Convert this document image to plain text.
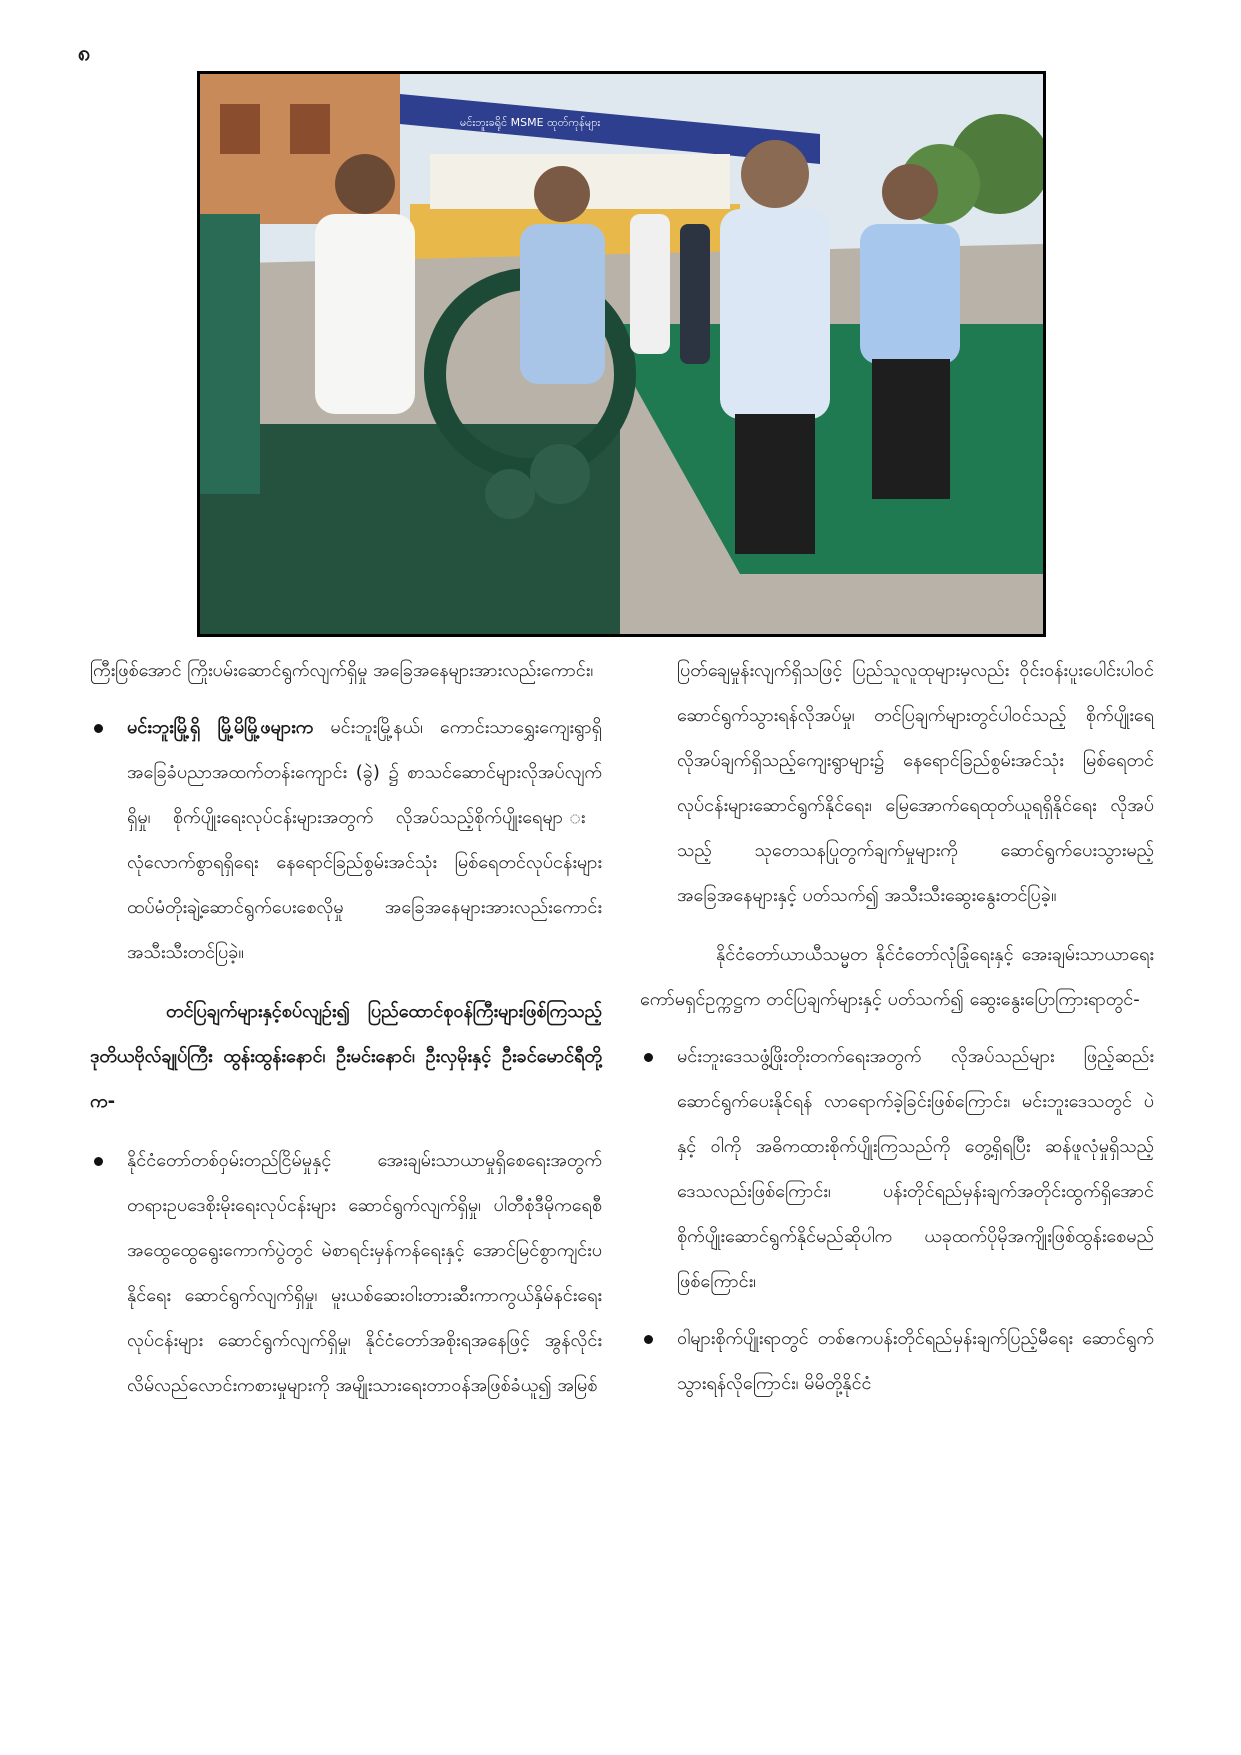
၈
မင်းဘူးခရိုင် MSME ထုတ်ကုန်များ

ကြီးဖြစ်အောင် ကြိုးပမ်းဆောင်ရွက်လျက်ရှိမှု အခြေအနေများအားလည်းကောင်း၊

မင်းဘူးမြို့ရှိ မြို့မိမြို့ဖများက မင်းဘူးမြို့နယ်၊ ကောင်းသာရွှေးကျေးရွာရှိ အခြေခံပညာအထက်တန်းကျောင်း (ခွဲ) ၌ စာသင်ဆောင်များလိုအပ်လျက်ရှိမှု၊ စိုက်ပျိုးရေးလုပ်ငန်းများအတွက် လိုအပ်သည့်စိုက်ပျိုးရေမျာ း လုံလောက်စွာရရှိရေး နေရောင်ခြည်စွမ်းအင်သုံး မြစ်ရေတင်လုပ်ငန်းများ ထပ်မံတိုးချဲ့ဆောင်ရွက်ပေးစေလိုမှု အခြေအနေများအားလည်းကောင်း အသီးသီးတင်ပြခဲ့။

တင်ပြချက်များနှင့်စပ်လျဉ်း၍ ပြည်ထောင်စုဝန်ကြီးများဖြစ်ကြသည့် ဒုတိယဗိုလ်ချုပ်ကြီး ထွန်းထွန်းနောင်၊ ဦးမင်းနောင်၊ ဦးလှမိုးနှင့် ဦးခင်မောင်ရီတို့က-

နိုင်ငံတော်တစ်ဝှမ်းတည်ငြိမ်မှုနှင့် အေးချမ်းသာယာမှုရှိစေရေးအတွက် တရားဥပဒေစိုးမိုးရေးလုပ်ငန်းများ ဆောင်ရွက်လျက်ရှိမှု၊ ပါတီစုံဒီမိုကရေစီအထွေထွေရွေးကောက်ပွဲတွင် မဲစာရင်းမှန်ကန်ရေးနှင့် အောင်မြင်စွာကျင်းပနိုင်ရေး ဆောင်ရွက်လျက်ရှိမှု၊ မူးယစ်ဆေးဝါးတားဆီးကာကွယ်နှိမ်နင်းရေးလုပ်ငန်းများ ဆောင်ရွက်လျက်ရှိမှု၊ နိုင်ငံတော်အစိုးရအနေဖြင့် အွန်လိုင်း လိမ်လည်လောင်းကစားမှုများကို အမျိုးသားရေးတာဝန်အဖြစ်ခံယူ၍ အမြစ်

ပြတ်ချေမှုန်းလျက်ရှိသဖြင့် ပြည်သူလူထုများမှလည်း ဝိုင်းဝန်းပူးပေါင်းပါဝင် ဆောင်ရွက်သွားရန်လိုအပ်မှု၊ တင်ပြချက်များတွင်ပါဝင်သည့် စိုက်ပျိုးရေလိုအပ်ချက်ရှိသည့်ကျေးရွာများ၌ နေရောင်ခြည်စွမ်းအင်သုံး မြစ်ရေတင်လုပ်ငန်းများဆောင်ရွက်နိုင်ရေး၊ မြေအောက်ရေထုတ်ယူရရှိနိုင်ရေး လိုအပ်သည့် သုတေသနပြုတွက်ချက်မှုများကို ဆောင်ရွက်ပေးသွားမည့် အခြေအနေများနှင့် ပတ်သက်၍ အသီးသီးဆွေးနွေးတင်ပြခဲ့။

နိုင်ငံတော်ယာယီသမ္မတ နိုင်ငံတော်လုံခြုံရေးနှင့် အေးချမ်းသာယာရေးကော်မရှင်ဥက္ကဋ္ဌက တင်ပြချက်များနှင့် ပတ်သက်၍ ဆွေးနွေးပြောကြားရာတွင်-

မင်းဘူးဒေသဖွံ့ဖြိုးတိုးတက်ရေးအတွက် လိုအပ်သည်များ ဖြည့်ဆည်းဆောင်ရွက်ပေးနိုင်ရန် လာရောက်ခဲ့ခြင်းဖြစ်ကြောင်း၊ မင်းဘူးဒေသတွင် ပဲနှင့် ဝါကို အဓိကထားစိုက်ပျိုးကြသည်ကို တွေ့ရှိရပြီး ဆန်ဖူလုံမှုရှိသည့်ဒေသလည်းဖြစ်ကြောင်း၊ ပန်းတိုင်ရည်မှန်းချက်အတိုင်းထွက်ရှိအောင် စိုက်ပျိုးဆောင်ရွက်နိုင်မည်ဆိုပါက ယခုထက်ပိုမိုအကျိုးဖြစ်ထွန်းစေမည်ဖြစ်ကြောင်း၊
ဝါများစိုက်ပျိုးရာတွင် တစ်ဧကပန်းတိုင်ရည်မှန်းချက်ပြည့်မီရေး ဆောင်ရွက်သွားရန်လိုကြောင်း၊ မိမိတို့နိုင်ငံ
